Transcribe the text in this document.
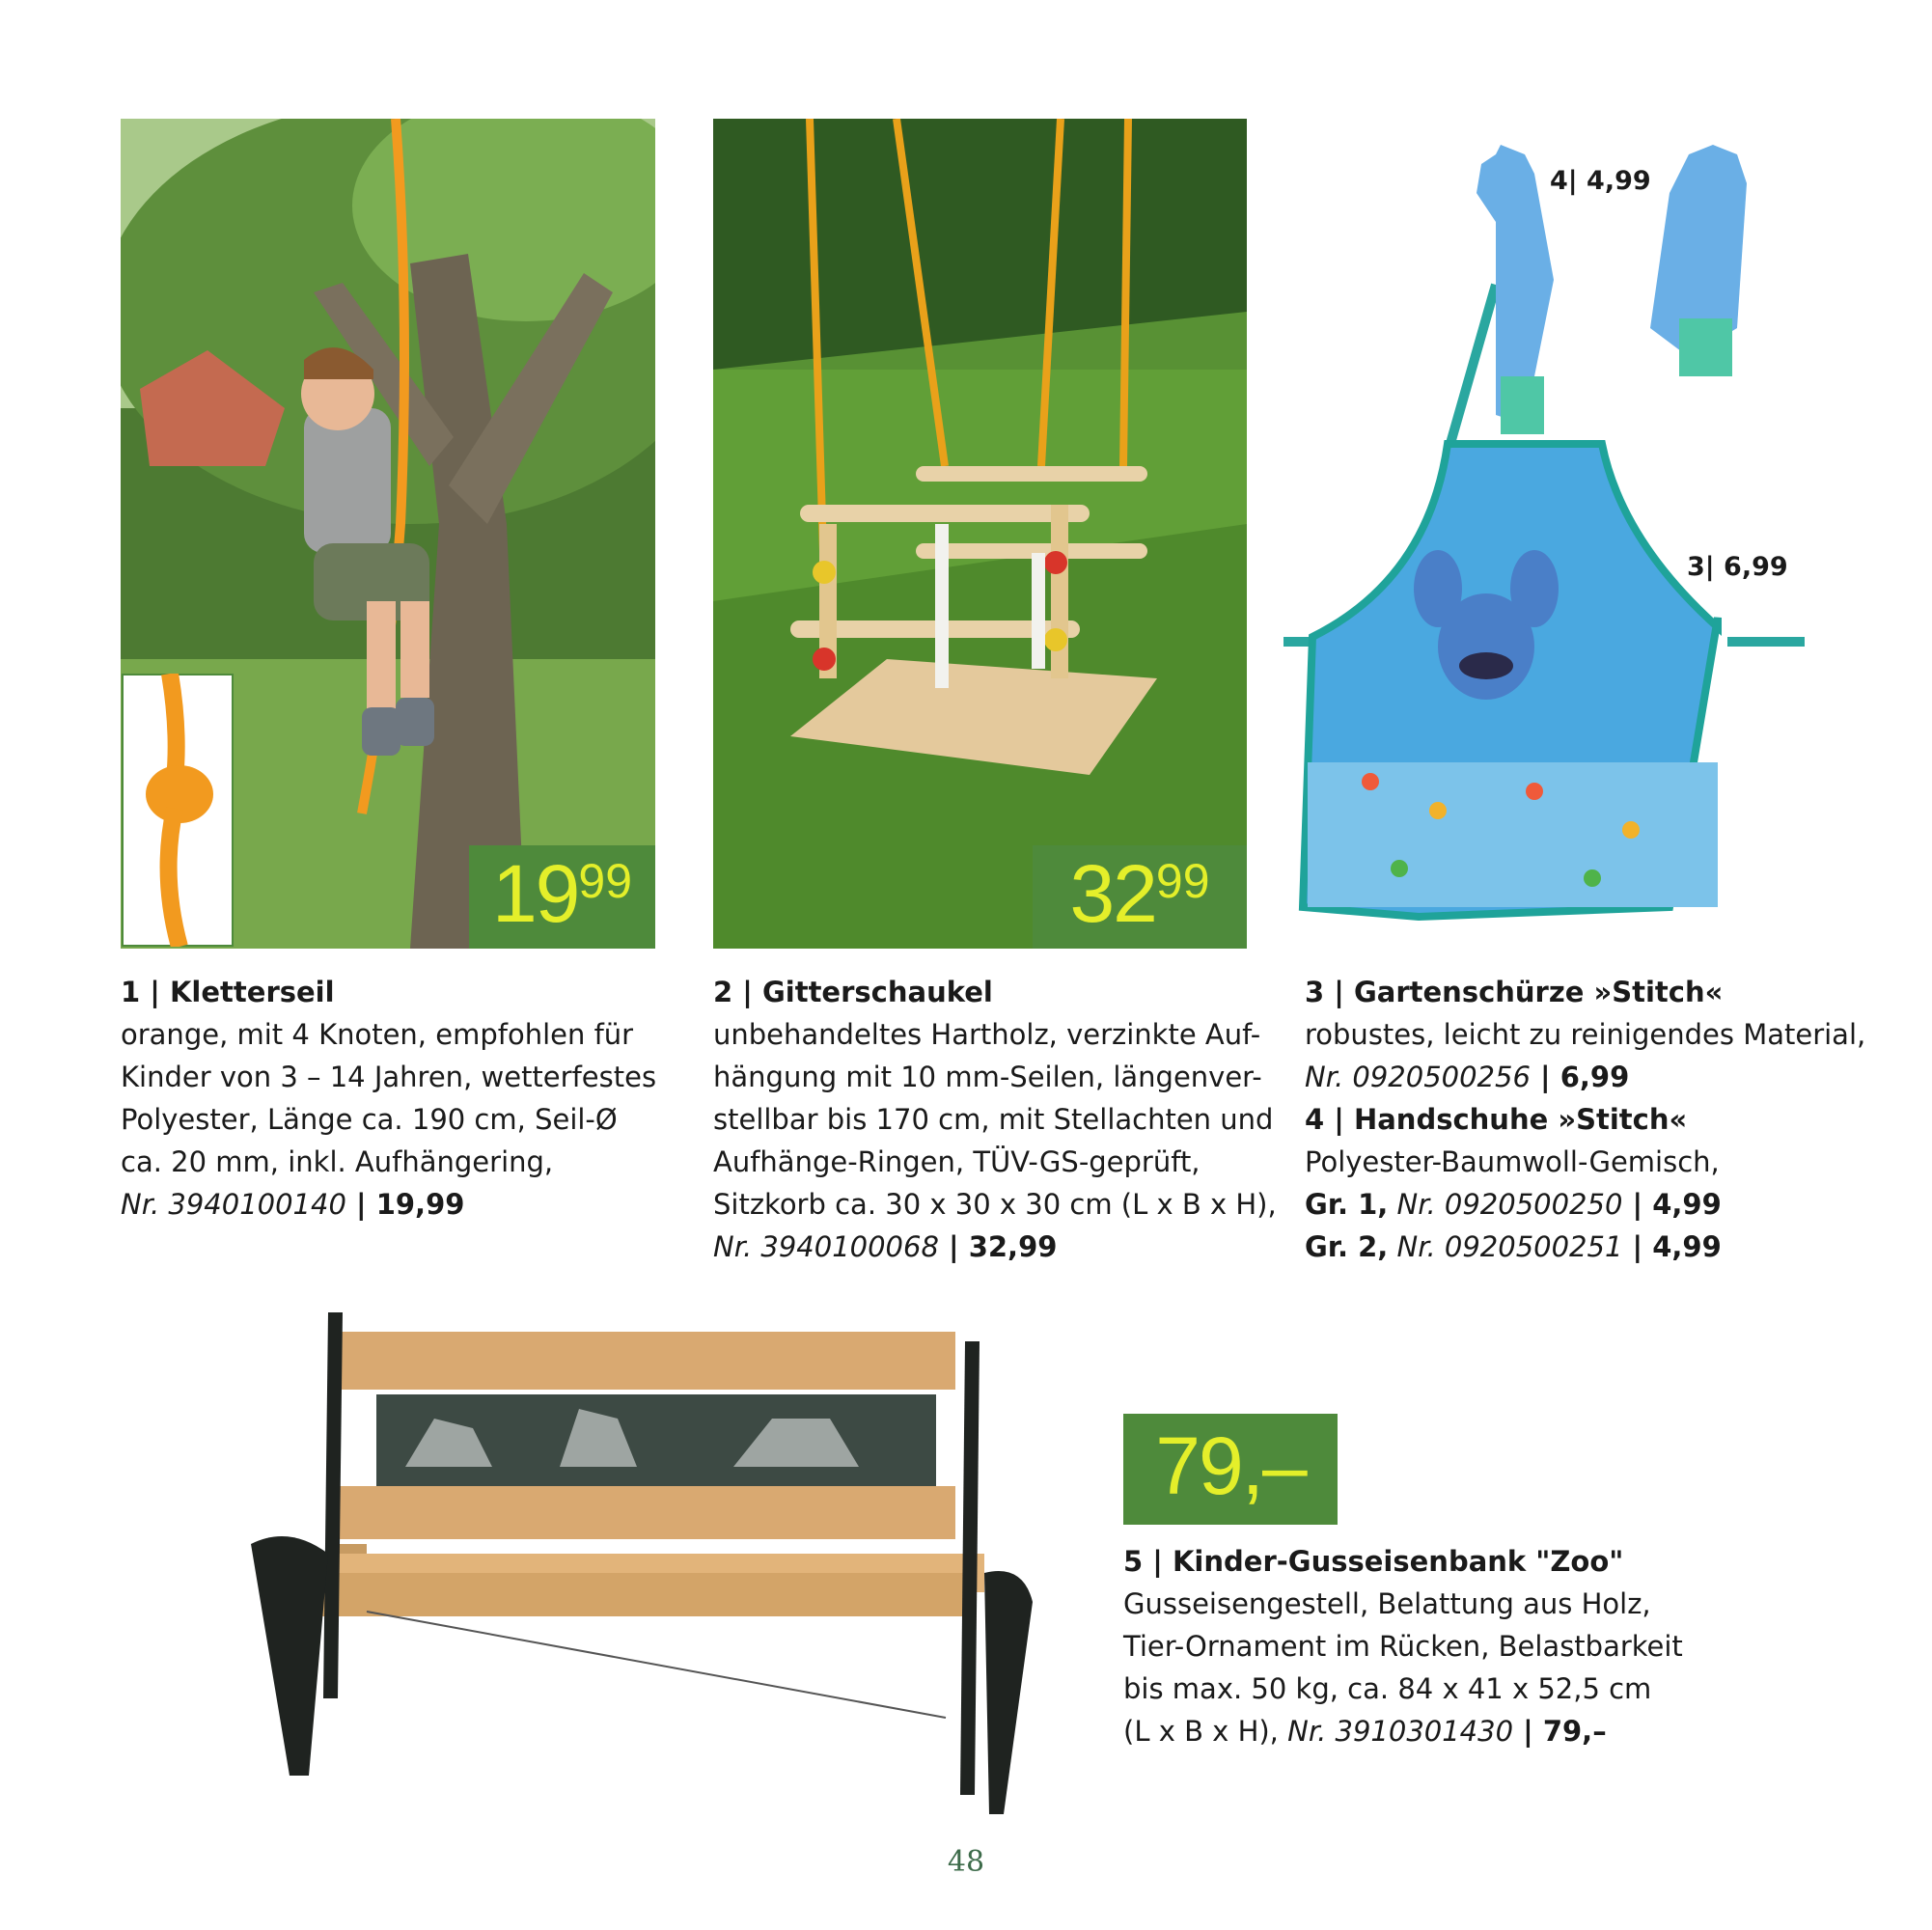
19 99	32 99
4| 4,99
3| 6,99
1 | Kletterseil
orange, mit 4 Knoten, empfohlen für
Kinder von 3 – 14 Jahren, wetterfestes
Polyester, Länge ca. 190 cm, Seil-Ø
ca. 20 mm, inkl. Aufhängering,
Nr. 3940100140 | 19,99
2 | Gitterschaukel
unbehandeltes Hartholz, verzinkte Auf-
hängung mit 10 mm-Seilen, längenver-
stellbar bis 170 cm, mit Stellachten und
Aufhänge-Ringen, TÜV-GS-geprüft,
Sitzkorb ca. 30 x 30 x 30 cm (L x B x H),
Nr. 3940100068 | 32,99
3 | Gartenschürze »Stitch«
robustes, leicht zu reinigendes Material,
Nr. 0920500256 | 6,99
4 | Handschuhe »Stitch«
Polyester-Baumwoll-Gemisch,
Gr. 1, Nr. 0920500250 | 4,99
Gr. 2, Nr. 0920500251 | 4,99
79,–
5 | Kinder-Gusseisenbank "Zoo"
Gusseisengestell, Belattung aus Holz,
Tier-Ornament im Rücken, Belastbarkeit
bis max. 50 kg, ca. 84 x 41 x 52,5 cm
(L x B x H), Nr. 3910301430 | 79,–
48
